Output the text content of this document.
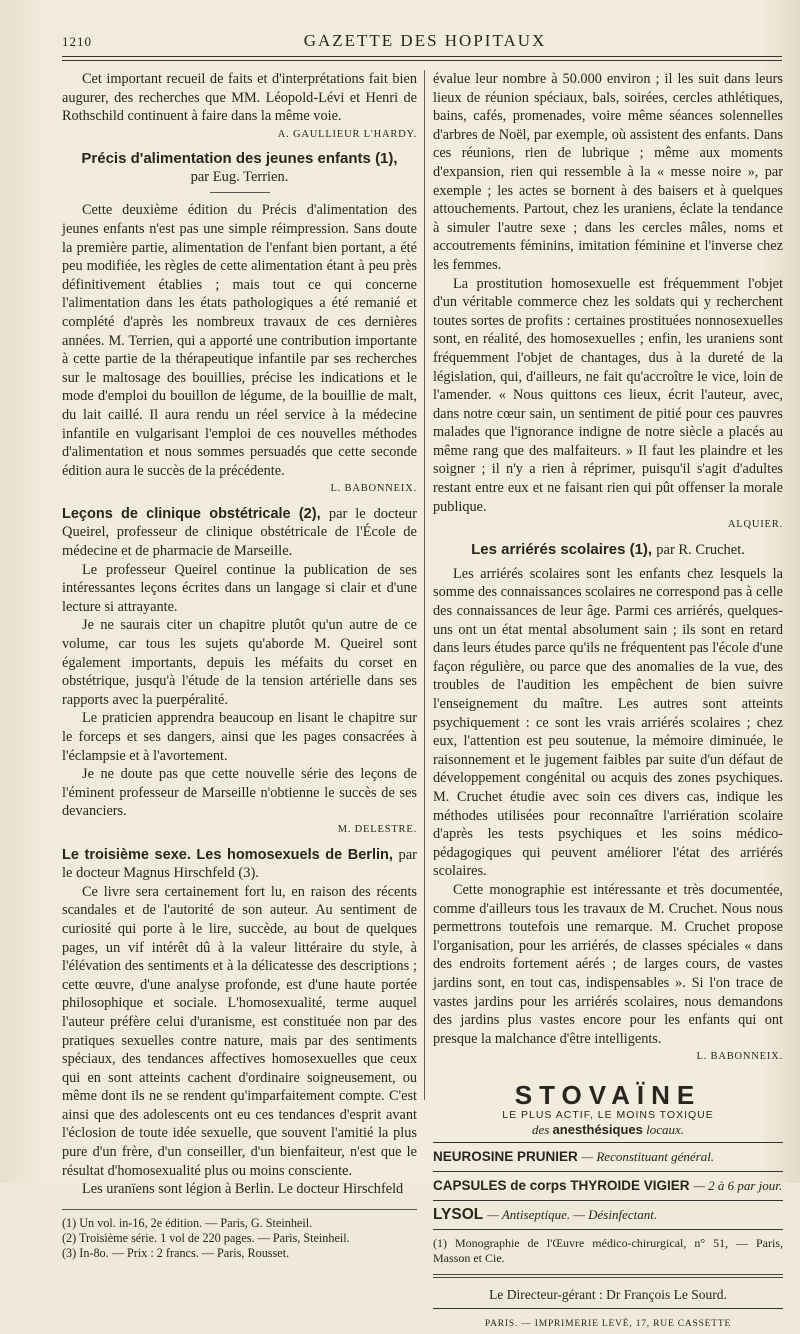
1210	GAZETTE DES HOPITAUX

Cet important recueil de faits et d'interprétations fait bien augurer, des recherches que MM. Léopold-Lévi et Henri de Rothschild continuent à faire dans la même voie.

A. GAULLIEUR L'HARDY.

Précis d'alimentation des jeunes enfants (1),
par Eug. Terrien.

Cette deuxième édition du Précis d'alimentation des jeunes enfants n'est pas une simple réimpression. Sans doute la première partie, alimentation de l'enfant bien portant, a été peu modifiée, les règles de cette alimentation étant à peu près définitivement établies ; mais tout ce qui concerne l'alimentation dans les états pathologiques a été remanié et complété d'après les nombreux travaux de ces dernières années. M. Terrien, qui a apporté une contribution importante à cette partie de la thérapeutique infantile par ses recherches sur le maltosage des bouillies, précise les indications et le mode d'emploi du bouillon de légume, de la bouillie de malt, du lait caillé. Il aura rendu un réel service à la médecine infantile en vulgarisant l'emploi de ces nouvelles méthodes d'alimentation et nous sommes persuadés que cette seconde édition aura le succès de la précédente.

L. BABONNEIX.

Leçons de clinique obstétricale (2), par le docteur Queirel, professeur de clinique obstétricale de l'École de médecine et de pharmacie de Marseille.

Le professeur Queirel continue la publication de ses intéressantes leçons écrites dans un langage si clair et d'une lecture si attrayante.

Je ne saurais citer un chapitre plutôt qu'un autre de ce volume, car tous les sujets qu'aborde M. Queirel sont également importants, depuis les méfaits du corset en obstétrique, jusqu'à l'étude de la tension artérielle dans ses rapports avec la puerpéralité.

Le praticien apprendra beaucoup en lisant le chapitre sur le forceps et ses dangers, ainsi que les pages consacrées à l'éclampsie et à l'avortement.

Je ne doute pas que cette nouvelle série des leçons de l'éminent professeur de Marseille n'obtienne le succès de ses devanciers.

M. DELESTRE.

Le troisième sexe. Les homosexuels de Berlin, par le docteur Magnus Hirschfeld (3).

Ce livre sera certainement fort lu, en raison des récents scandales et de l'autorité de son auteur. Au sentiment de curiosité qui porte à le lire, succède, au bout de quelques pages, un vif intérêt dû à la valeur littéraire du style, à l'élévation des sentiments et à la délicatesse des descriptions ; cette œuvre, d'une analyse profonde, est d'une haute portée philosophique et sociale. L'homosexualité, terme auquel l'auteur préfère celui d'uranisme, est constituée non par des pratiques sexuelles contre nature, mais par des sentiments spéciaux, des tendances affectives homosexuelles que ceux qui en sont atteints cachent d'ordinaire soigneusement, ou même dont ils ne se rendent qu'imparfaitement compte. C'est ainsi que des adolescents ont eu ces tendances d'esprit avant l'éclosion de toute idée sexuelle, que souvent l'amitié la plus pure d'un frère, d'un conseiller, d'un bienfaiteur, n'est que le résultat d'homosexualité plus ou moins consciente.

Les uranïens sont légion à Berlin. Le docteur Hirschfeld

(1) Un vol. in-16, 2e édition. — Paris, G. Steinheil.

(2) Troisième série. 1 vol de 220 pages. — Paris, Steinheil.

(3) In-8o. — Prix : 2 francs. — Paris, Rousset.

évalue leur nombre à 50.000 environ ; il les suit dans leurs lieux de réunion spéciaux, bals, soirées, cercles athlétiques, bains, cafés, promenades, voire même séances solennelles d'arbres de Noël, par exemple, où assistent des enfants. Dans ces réunions, rien de lubrique ; même aux moments d'expansion, rien qui ressemble à la « messe noire », par exemple ; les actes se bornent à des baisers et à quelques attouchements. Partout, chez les uraniens, éclate la tendance à simuler l'autre sexe ; dans les cercles mâles, noms et accoutrements féminins, imitation féminine et l'inverse chez les femmes.

La prostitution homosexuelle est fréquemment l'objet d'un véritable commerce chez les soldats qui y recherchent toutes sortes de profits : certaines prostituées nonnosexuelles sont, en réalité, des homosexuelles ; enfin, les uraniens sont fréquemment l'objet de chantages, dus à la dureté de la législation, qui, d'ailleurs, ne fait qu'accroître le vice, loin de l'amender. « Nous quittons ces lieux, écrit l'auteur, avec, dans notre cœur sain, un sentiment de pitié pour ces pauvres malades que l'ignorance indigne de notre siècle a placés au même rang que des malfaiteurs. » Il faut les plaindre et les soigner ; il n'y a rien à réprimer, puisqu'il s'agit d'adultes restant entre eux et ne faisant rien qui pût offenser la morale publique.

ALQUIER.

Les arriérés scolaires (1), par R. Cruchet.

Les arriérés scolaires sont les enfants chez lesquels la somme des connaissances scolaires ne correspond pas à celle des connaissances de leur âge. Parmi ces arriérés, quelques-uns ont un état mental absolument sain ; ils sont en retard dans leurs études parce qu'ils ne fréquentent pas l'école d'une façon régulière, ou parce que des anomalies de la vue, des troubles de l'audition les empêchent de bien suivre l'enseignement du maître. Les autres sont atteints psychiquement : ce sont les vrais arriérés scolaires ; chez eux, l'attention est peu soutenue, la mémoire diminuée, le raisonnement et le jugement faibles par suite d'un défaut de développement congénital ou acquis des zones psychiques. M. Cruchet étudie avec soin ces divers cas, indique les méthodes utilisées pour reconnaître l'arriération scolaire d'après les tests psychiques et les soins médico-pédagogiques qui peuvent améliorer l'état des arriérés scolaires.

Cette monographie est intéressante et très documentée, comme d'ailleurs tous les travaux de M. Cruchet. Nous nous permettrons toutefois une remarque. M. Cruchet propose l'organisation, pour les arriérés, de classes spéciales « dans des endroits fortement aérés ; de larges cours, de vastes jardins sont, en tout cas, indispensables ». Si l'on trace de vastes jardins pour les arriérés scolaires, nous demandons des jardins plus vastes encore pour les enfants qui ont presque la malchance d'être intelligents.

L. BABONNEIX.

STOVAÏNE
LE PLUS ACTIF, LE MOINS TOXIQUE
des anesthésiques locaux.
NEUROSINE PRUNIER — Reconstituant général.
CAPSULES de corps THYROIDE VIGIER — 2 à 6 par jour.
LYSOL — Antiseptique. — Désinfectant.

(1) Monographie de l'Œuvre médico-chirurgical, n° 51, — Paris, Masson et Cie.

Le Directeur-gérant : Dr François Le Sourd.

PARIS. — IMPRIMERIE LEVÉ, 17, RUE CASSETTE
